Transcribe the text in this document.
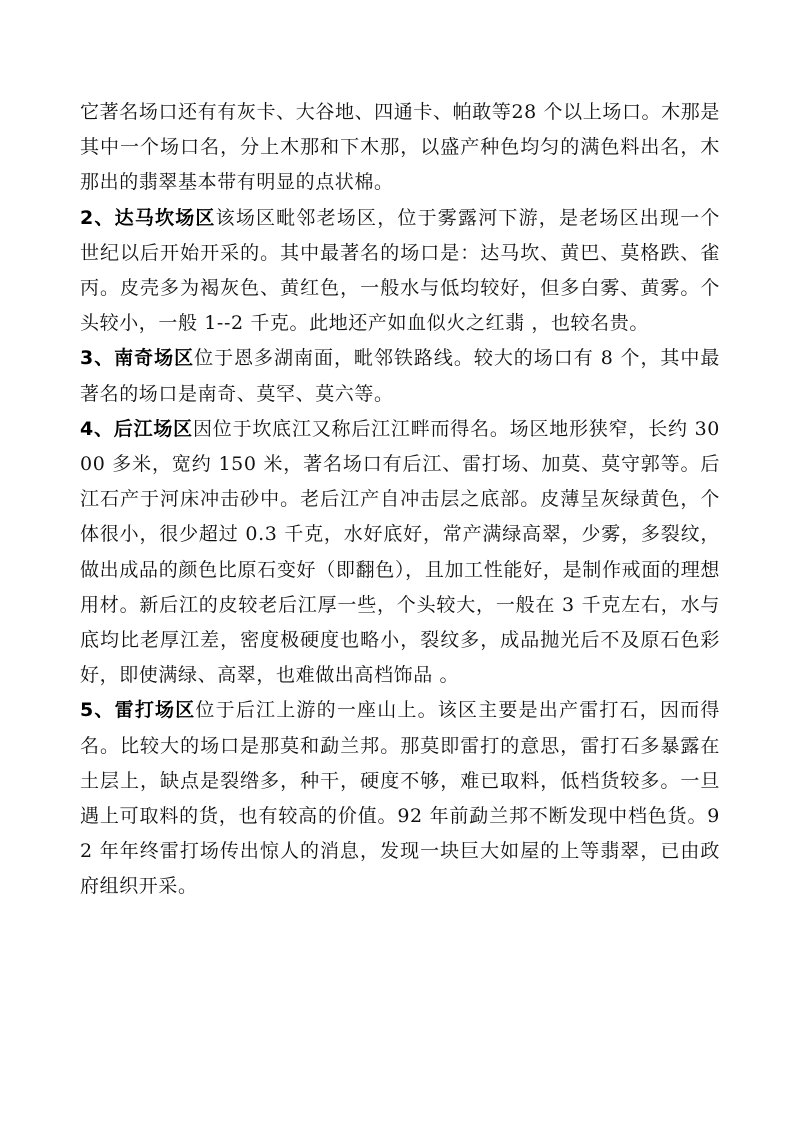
它著名场口还有有灰卡、大谷地、四通卡、帕敢等28 个以上场口。木那是其中一个场口名，分上木那和下木那，以盛产种色均匀的满色料出名，木那出的翡翠基本带有明显的点状棉。

2、达马坎场区该场区毗邻老场区，位于雾露河下游，是老场区出现一个世纪以后开始开采的。其中最著名的场口是：达马坎、黄巴、莫格跌、雀丙。皮壳多为褐灰色、黄红色，一般水与低均较好，但多白雾、黄雾。个头较小，一般 1--2 千克。此地还产如血似火之红翡 ，也较名贵。

3、南奇场区位于恩多湖南面，毗邻铁路线。较大的场口有 8 个，其中最著名的场口是南奇、莫罕、莫六等。

4、后江场区因位于坎底江又称后江江畔而得名。场区地形狭窄，长约 3000 多米，宽约 150 米，著名场口有后江、雷打场、加莫、莫守郭等。后江石产于河床冲击砂中。老后江产自冲击层之底部。皮薄呈灰绿黄色，个体很小，很少超过 0.3 千克，水好底好，常产满绿高翠，少雾，多裂纹，做出成品的颜色比原石变好（即翻色），且加工性能好，是制作戒面的理想用材。新后江的皮较老后江厚一些，个头较大，一般在 3 千克左右，水与底均比老厚江差，密度极硬度也略小，裂纹多，成品抛光后不及原石色彩好，即使满绿、高翠，也难做出高档饰品 。

5、雷打场区位于后江上游的一座山上。该区主要是出产雷打石，因而得名。比较大的场口是那莫和勐兰邦。那莫即雷打的意思，雷打石多暴露在土层上，缺点是裂绺多，种干，硬度不够，难已取料，低档货较多。一旦遇上可取料的货，也有较高的价值。92 年前勐兰邦不断发现中档色货。92 年年终雷打场传出惊人的消息，发现一块巨大如屋的上等翡翠，已由政府组织开采。
